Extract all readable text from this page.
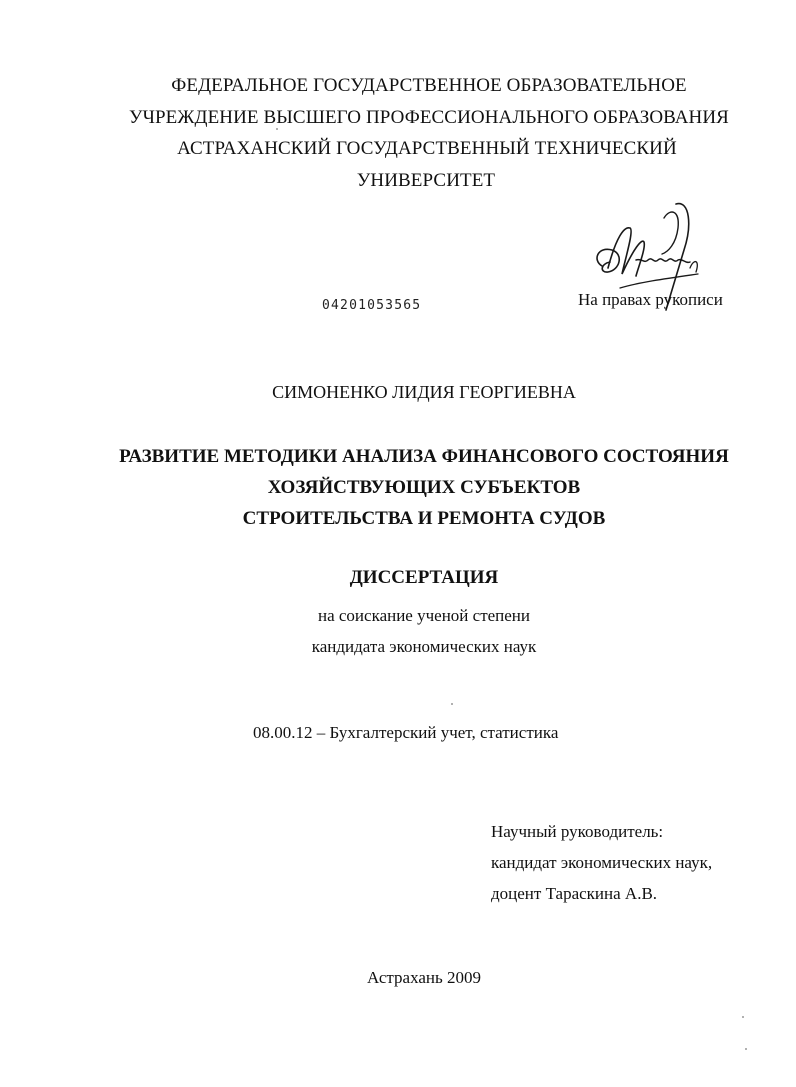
ФЕДЕРАЛЬНОЕ ГОСУДАРСТВЕННОЕ ОБРАЗОВАТЕЛЬНОЕ
УЧРЕЖДЕНИЕ ВЫСШЕГО ПРОФЕССИОНАЛЬНОГО ОБРАЗОВАНИЯ
АСТРАХАНСКИЙ ГОСУДАРСТВЕННЫЙ ТЕХНИЧЕСКИЙ
УНИВЕРСИТЕТ
04201053565	На правах рукописи
СИМОНЕНКО ЛИДИЯ ГЕОРГИЕВНА
РАЗВИТИЕ МЕТОДИКИ АНАЛИЗА ФИНАНСОВОГО СОСТОЯНИЯ
ХОЗЯЙСТВУЮЩИХ СУБЪЕКТОВ
СТРОИТЕЛЬСТВА И РЕМОНТА СУДОВ
ДИССЕРТАЦИЯ
на соискание ученой степени
кандидата экономических наук
08.00.12 – Бухгалтерский учет, статистика
Научный руководитель:
кандидат экономических наук,
доцент Тараскина А.В.
Астрахань 2009
